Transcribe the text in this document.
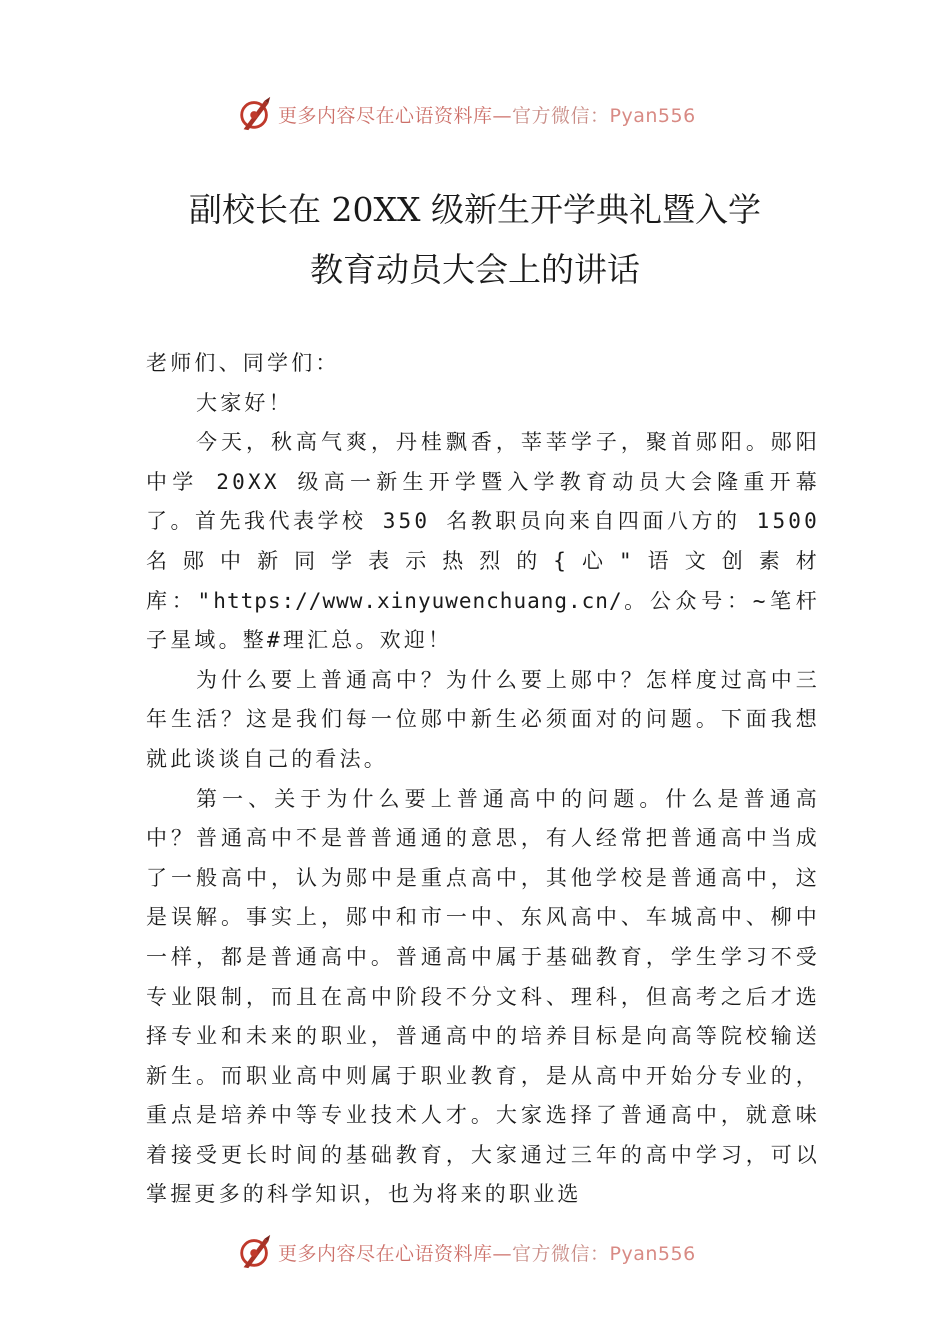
更多内容尽在心语资料库—官方微信：Pyan556
副校长在 20XX 级新生开学典礼暨入学
教育动员大会上的讲话

老师们、同学们：

大家好！

今天，秋高气爽，丹桂飘香，莘莘学子，聚首郧阳。郧阳中学 20XX 级高一新生开学暨入学教育动员大会隆重开幕了。首先我代表学校 350 名教职员向来自四面八方的 1500 名郧中新同学表示热烈的{心"语文创素材库："https://www.xinyuwenchuang.cn/。公众号：~笔杆子星域。整#理汇总。欢迎！

为什么要上普通高中？为什么要上郧中？怎样度过高中三年生活？这是我们每一位郧中新生必须面对的问题。下面我想就此谈谈自己的看法。

第一、关于为什么要上普通高中的问题。什么是普通高中？普通高中不是普普通通的意思，有人经常把普通高中当成了一般高中，认为郧中是重点高中，其他学校是普通高中，这是误解。事实上，郧中和市一中、东风高中、车城高中、柳中一样，都是普通高中。普通高中属于基础教育，学生学习不受专业限制，而且在高中阶段不分文科、理科，但高考之后才选择专业和未来的职业，普通高中的培养目标是向高等院校输送新生。而职业高中则属于职业教育，是从高中开始分专业的，重点是培养中等专业技术人才。大家选择了普通高中，就意味着接受更长时间的基础教育，大家通过三年的高中学习，可以掌握更多的科学知识，也为将来的职业选

更多内容尽在心语资料库—官方微信：Pyan556
